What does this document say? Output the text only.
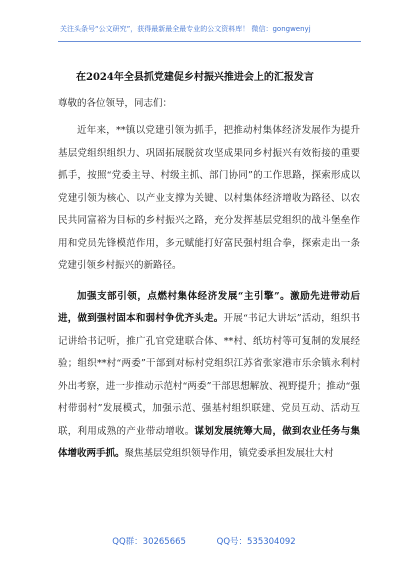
关注头条号“公文研究”，获得最新最全最专业的公文资料库！ 微信：gongwenyj
在2024年全县抓党建促乡村振兴推进会上的汇报发言
尊敬的各位领导，同志们：

近年来，**镇以党建引领为抓手，把推动村集体经济发展作为提升基层党组织组织力、巩固拓展脱贫攻坚成果同乡村振兴有效衔接的重要抓手，按照“党委主导、村级主抓、部门协同”的工作思路，探索形成以党建引领为核心、以产业支撑为关键、以村集体经济增收为路径、以农民共同富裕为目标的乡村振兴之路，充分发挥基层党组织的战斗堡垒作用和党员先锋模范作用，多元赋能打好富民强村组合拳，探索走出一条党建引领乡村振兴的新路径。

加强支部引领，点燃村集体经济发展“主引擎”。激励先进带动后进，做到强村固本和弱村争优齐头走。开展“书记大讲坛”活动，组织书记讲给书记听，推广孔官党建联合体、**村、纸坊村等可复制的发展经验；组织**村“两委”干部到对标村党组织江苏省张家港市乐余镇永利村外出考察，进一步推动示范村“两委”干部思想解放、视野提升；推动“强村带弱村”发展模式，加强示范、强基村组织联建、党员互动、活动互联，利用成熟的产业带动增收。谋划发展统筹大局，做到农业任务与集体增收两手抓。聚焦基层党组织领导作用，镇党委承担发展壮大村

QQ群：30265665	QQ号：535304092
